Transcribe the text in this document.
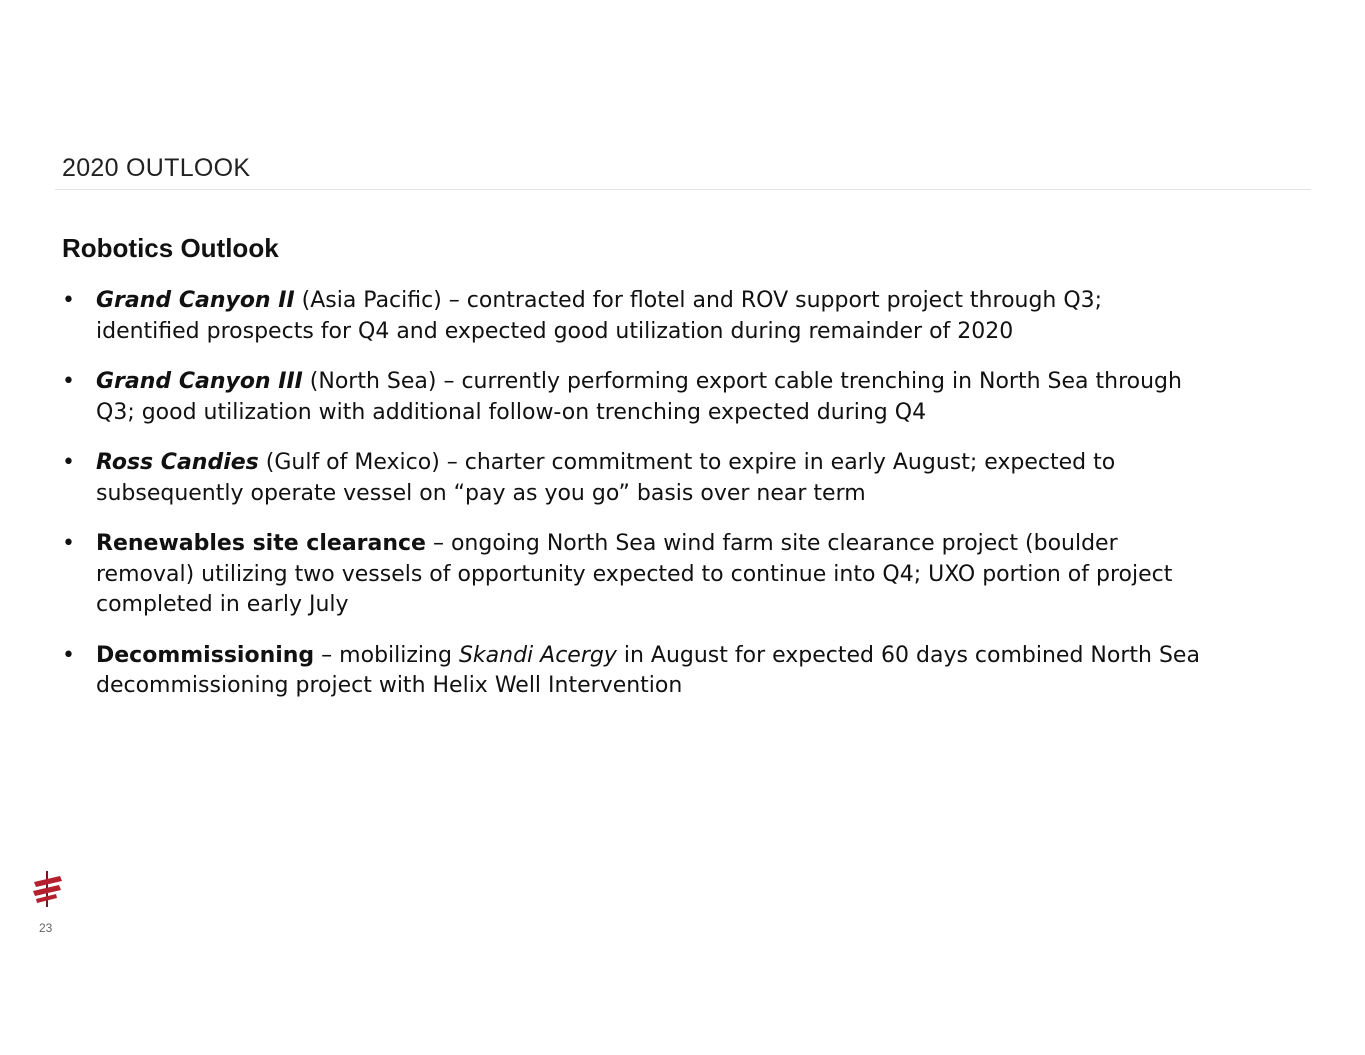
2020 OUTLOOK
Robotics Outlook
• Grand Canyon II (Asia Pacific) – contracted for flotel and ROV support project through Q3; identified prospects for Q4 and expected good utilization during remainder of 2020
• Grand Canyon III (North Sea) – currently performing export cable trenching in North Sea through Q3; good utilization with additional follow-on trenching expected during Q4
• Ross Candies (Gulf of Mexico) – charter commitment to expire in early August; expected to subsequently operate vessel on “pay as you go” basis over near term
• Renewables site clearance – ongoing North Sea wind farm site clearance project (boulder removal) utilizing two vessels of opportunity expected to continue into Q4; UXO portion of project completed in early July
• Decommissioning – mobilizing Skandi Acergy in August for expected 60 days combined North Sea decommissioning project with Helix Well Intervention
23
